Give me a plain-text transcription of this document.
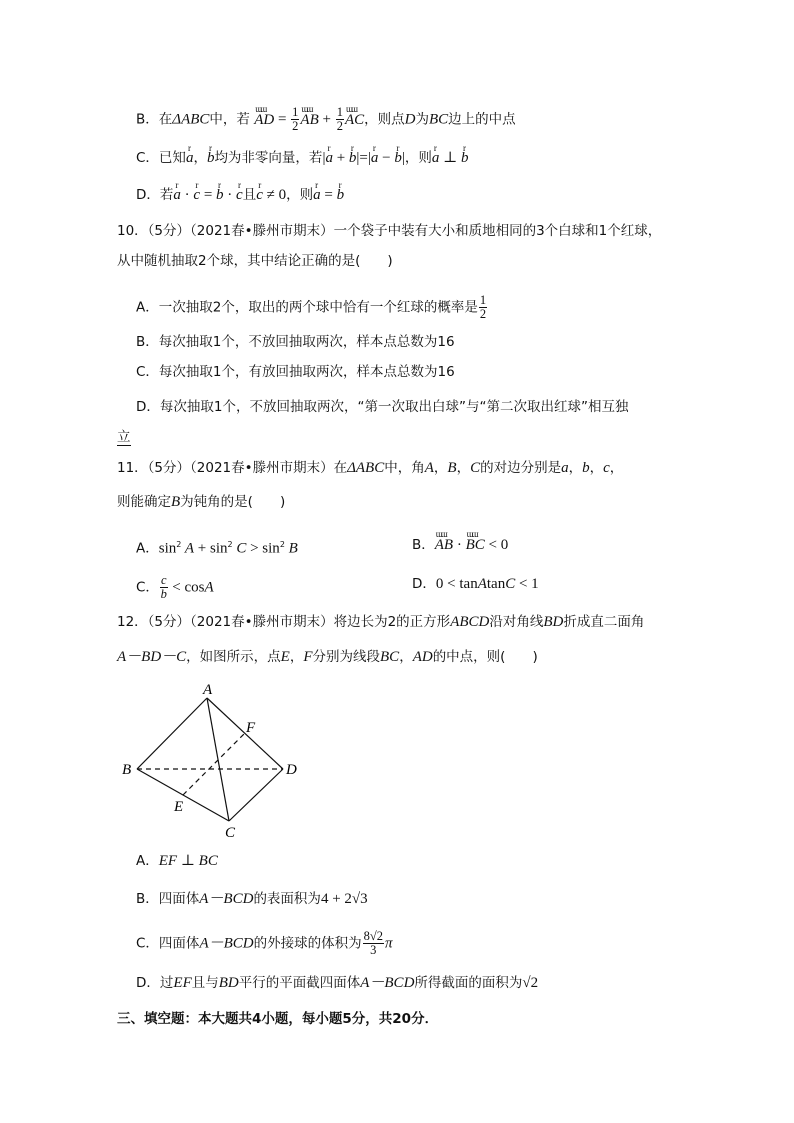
B．在ΔABC中，若 ɯɯ AD = $\frac{1}{2}$ ɯɯ AB + $\frac{1}{2}$ ɯɯ AC，则点D为BC边上的中点
C．已知r a，r b均为非零向量，若|r a + r b|=|r a − r b|，则r a ⊥ r b
D．若r a · r c = r b · r c且r c ≠ 0，则r a = r b
10．（5分）（2021春•滕州市期末）一个袋子中装有大小和质地相同的3个白球和1个红球，
从中随机抽取2个球，其中结论正确的是(　　)
A．一次抽取2个，取出的两个球中恰有一个红球的概率是 $\frac{1}{2}$
B．每次抽取1个，不放回抽取两次，样本点总数为16
C．每次抽取1个，有放回抽取两次，样本点总数为16
D．每次抽取1个，不放回抽取两次，“第一次取出白球”与“第二次取出红球”相互独
立
11．（5分）（2021春•滕州市期末）在ΔABC中，角A，B，C的对边分别是a，b，c，
则能确定B为钝角的是(　　)
A．$\sin^2 A + \sin^2 C > \sin^2 B$	B．ɯɯ AB · ɯɯ BC < 0
C． $\frac{c}{b} < \cos A$	D．0 < tanAtanC < 1
12．（5分）（2021春•滕州市期末）将边长为2的正方形ABCD沿对角线BD折成直二面角
A－BD－C，如图所示，点E，F分别为线段BC，AD的中点，则(　　)
A
B
C
D
E
F
A．EF ⊥ BC
B．四面体A－BCD的表面积为4 + 2√3
C．四面体A－BCD的外接球的体积为 $\frac{8√2}{3}$ π
D．过EF且与BD平行的平面截四面体A－BCD所得截面的面积为√2
三、填空题：本大题共4小题，每小题5分，共20分．
